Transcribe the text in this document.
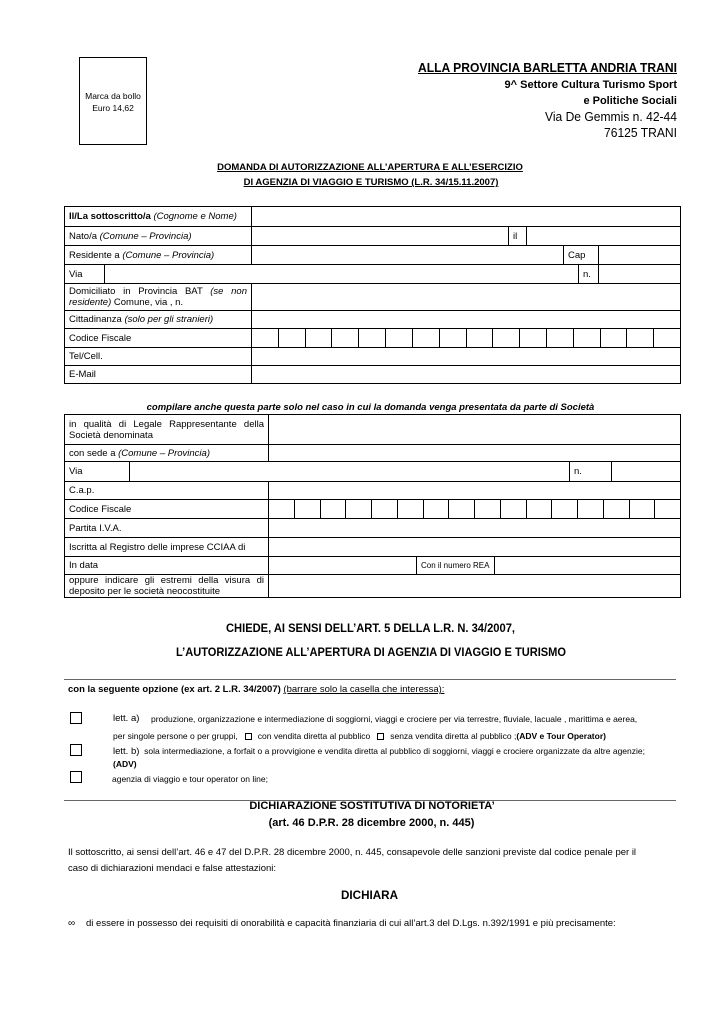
Marca da bollo
Euro 14,62
ALLA PROVINCIA BARLETTA ANDRIA TRANI
9^ Settore Cultura Turismo Sport
e Politiche Sociali
Via De Gemmis n. 42-44
76125 TRANI
DOMANDA DI AUTORIZZAZIONE ALL’APERTURA E ALL’ESERCIZIO
DI AGENZIA DI VIAGGIO E TURISMO (L.R. 34/15.11.2007)
Il/La sottoscritto/a (Cognome e Nome)
Nato/a (Comune – Provincia)	il
Residente a (Comune – Provincia)	Cap
Via	n.
Domiciliato in Provincia BAT (se non residente) Comune, via , n.
Cittadinanza (solo per gli stranieri)
Codice Fiscale
Tel/Cell.
E-Mail
compilare anche questa parte solo nel caso in cui la domanda venga presentata da parte di Società
in qualità di Legale Rappresentante della Società denominata
con sede a (Comune – Provincia)
Via	n.
C.a.p.
Codice Fiscale
Partita I.V.A.
Iscritta al Registro delle imprese CCIAA di
In data	Con il numero REA
oppure indicare gli estremi della visura di deposito per le società neocostituite
CHIEDE, AI SENSI DELL’ART. 5 DELLA L.R. N. 34/2007,
L’AUTORIZZAZIONE ALL’APERTURA DI AGENZIA DI VIAGGIO E TURISMO
con la seguente opzione (ex art. 2 L.R. 34/2007) (barrare solo la casella che interessa):
lett. a)	produzione, organizzazione e intermediazione di soggiorni, viaggi e crociere per via terrestre, fluviale, lacuale , marittima e aerea,
per singole persone o per gruppi, con vendita diretta al pubblico senza vendita diretta al pubblico ;(ADV e Tour Operator)
lett. b) sola intermediazione, a forfait o a provvigione e vendita diretta al pubblico di soggiorni, viaggi e crociere organizzate da altre agenzie;
(ADV)
agenzia di viaggio e tour operator on line;
DICHIARAZIONE SOSTITUTIVA DI NOTORIETA’
(art. 46 D.P.R. 28 dicembre 2000, n. 445)
Il sottoscritto, ai sensi dell’art. 46 e 47 del D.P.R. 28 dicembre 2000, n. 445, consapevole delle sanzioni previste dal codice penale per il
caso di dichiarazioni mendaci e false attestazioni:
DICHIARA
∞	di essere in possesso dei requisiti di onorabilità e capacità finanziaria di cui all’art.3 del D.Lgs. n.392/1991 e più precisamente:
